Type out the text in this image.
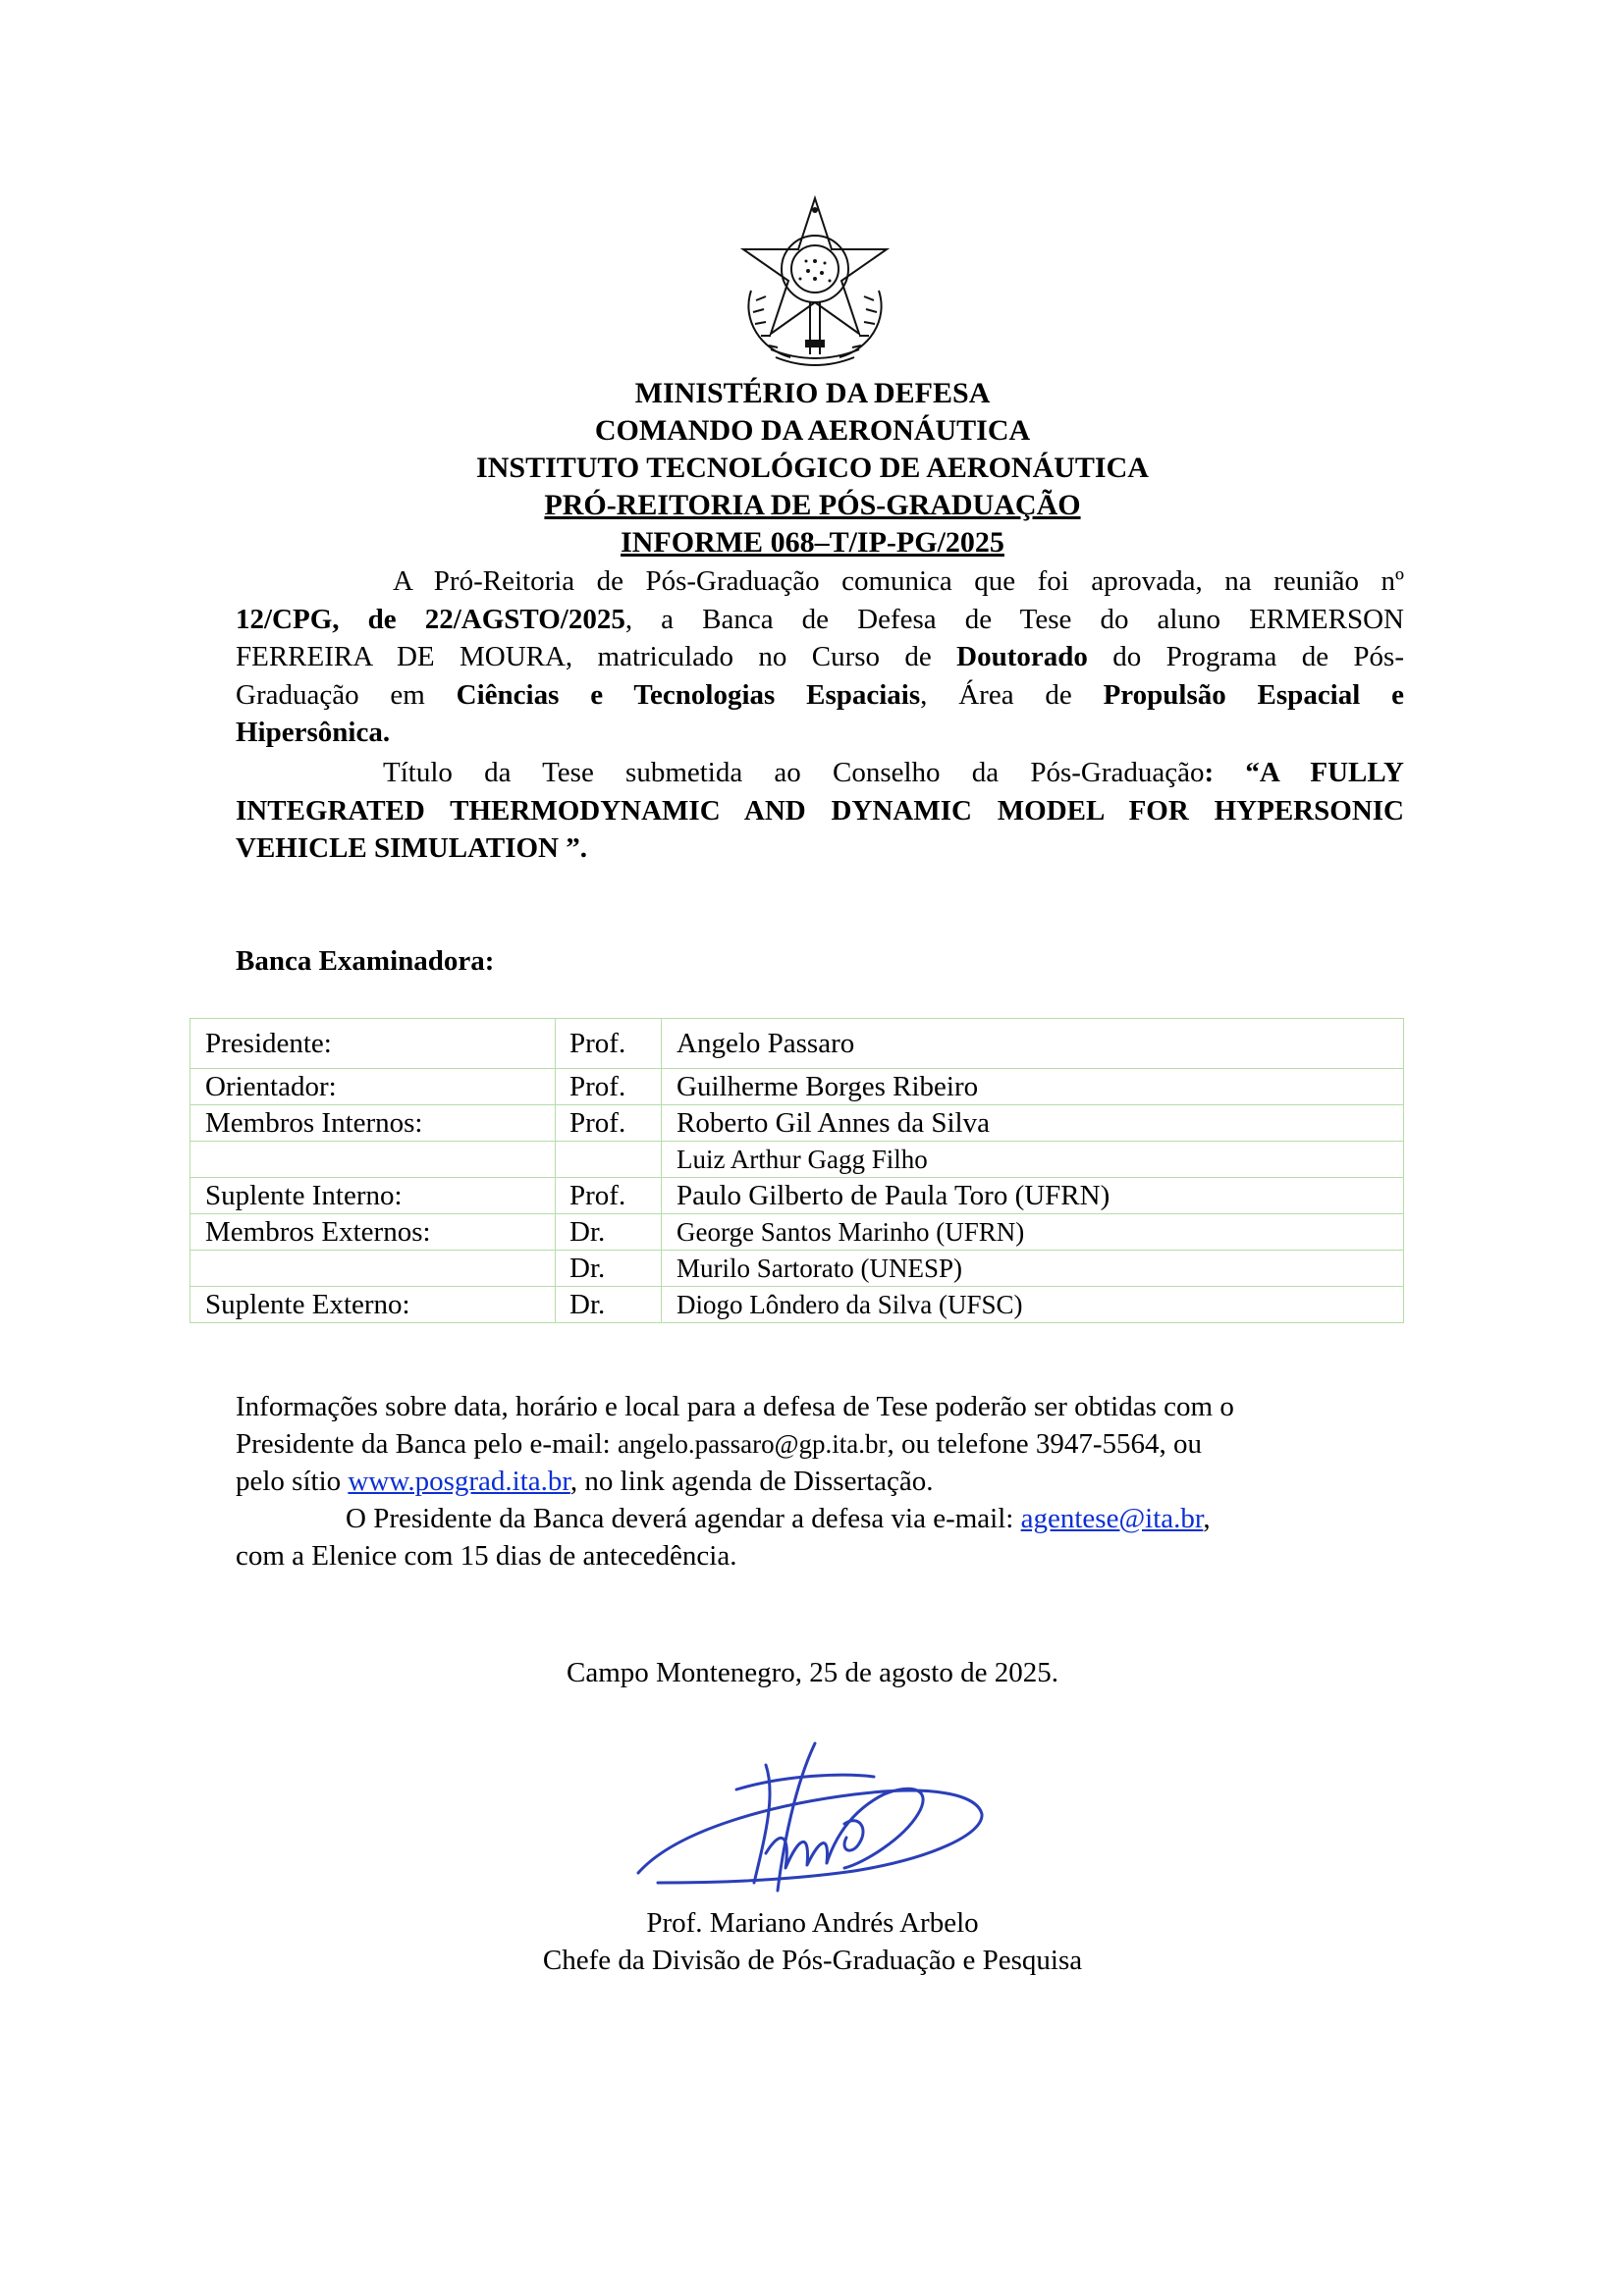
MINISTÉRIO DA DEFESA
COMANDO DA AERONÁUTICA
INSTITUTO TECNOLÓGICO DE AERONÁUTICA
PRÓ-REITORIA DE PÓS-GRADUAÇÃO
INFORME 068–T/IP-PG/2025
A Pró-Reitoria de Pós-Graduação comunica que foi aprovada, na reunião nº
12/CPG, de 22/AGSTO/2025, a Banca de Defesa de Tese do aluno ERMERSON
FERREIRA DE MOURA, matriculado no Curso de Doutorado do Programa de Pós-
Graduação em Ciências e Tecnologias Espaciais, Área de Propulsão Espacial e
Hipersônica.
Título da Tese submetida ao Conselho da Pós-Graduação: “A FULLY
INTEGRATED THERMODYNAMIC AND DYNAMIC MODEL FOR HYPERSONIC
VEHICLE SIMULATION ”.
Banca Examinadora:
Presidente:	Prof.	Angelo Passaro
Orientador:	Prof.	Guilherme Borges Ribeiro
Membros Internos:	Prof.	Roberto Gil Annes da Silva
		Luiz Arthur Gagg Filho
Suplente Interno:	Prof.	Paulo Gilberto de Paula Toro (UFRN)
Membros Externos:	Dr.	George Santos Marinho (UFRN)
	Dr.	Murilo Sartorato (UNESP)
Suplente Externo:	Dr.	Diogo Lôndero da Silva (UFSC)
Informações sobre data, horário e local para a defesa de Tese poderão ser obtidas com o
Presidente da Banca pelo e-mail: angelo.passaro@gp.ita.br, ou telefone 3947-5564, ou
pelo sítio www.posgrad.ita.br, no link agenda de Dissertação.
O Presidente da Banca deverá agendar a defesa via e-mail: agentese@ita.br,
com a Elenice com 15 dias de antecedência.
Campo Montenegro, 25 de agosto de 2025.
Prof. Mariano Andrés Arbelo
Chefe da Divisão de Pós-Graduação e Pesquisa
